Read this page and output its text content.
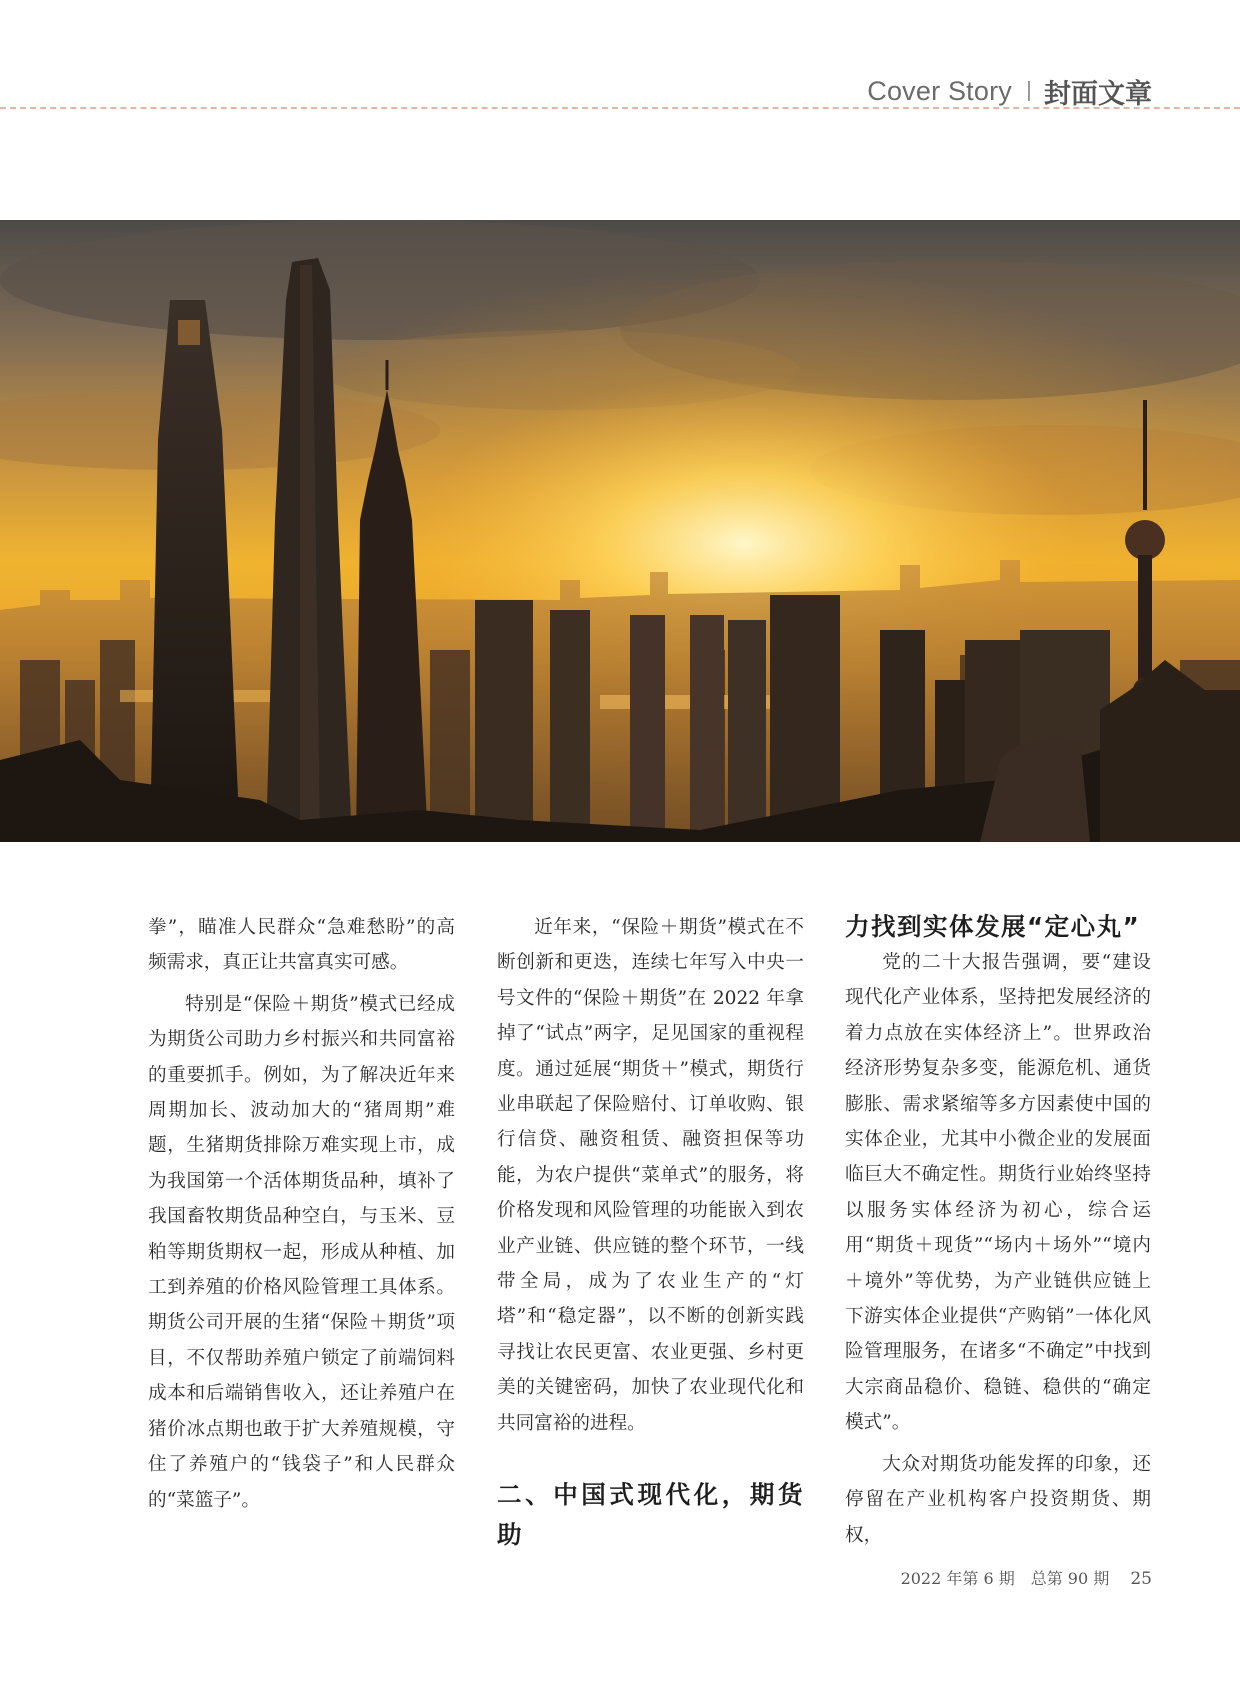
Cover Story 封面文章

拳”，瞄准人民群众“急难愁盼”的高频需求，真正让共富真实可感。

特别是“保险＋期货”模式已经成为期货公司助力乡村振兴和共同富裕的重要抓手。例如，为了解决近年来周期加长、波动加大的“猪周期”难题，生猪期货排除万难实现上市，成为我国第一个活体期货品种，填补了我国畜牧期货品种空白，与玉米、豆粕等期货期权一起，形成从种植、加工到养殖的价格风险管理工具体系。期货公司开展的生猪“保险＋期货”项目，不仅帮助养殖户锁定了前端饲料成本和后端销售收入，还让养殖户在猪价冰点期也敢于扩大养殖规模，守住了养殖户的“钱袋子”和人民群众的“菜篮子”。

近年来，“保险＋期货”模式在不断创新和更迭，连续七年写入中央一号文件的“保险＋期货”在 2022 年拿掉了“试点”两字，足见国家的重视程度。通过延展“期货＋”模式，期货行业串联起了保险赔付、订单收购、银行信贷、融资租赁、融资担保等功能，为农户提供“菜单式”的服务，将价格发现和风险管理的功能嵌入到农业产业链、供应链的整个环节，一线带全局，成为了农业生产的“灯塔”和“稳定器”，以不断的创新实践寻找让农民更富、农业更强、乡村更美的关键密码，加快了农业现代化和共同富裕的进程。

二、中国式现代化，期货助
力找到实体发展“定心丸”

党的二十大报告强调，要“建设现代化产业体系，坚持把发展经济的着力点放在实体经济上”。世界政治经济形势复杂多变，能源危机、通货膨胀、需求紧缩等多方因素使中国的实体企业，尤其中小微企业的发展面临巨大不确定性。期货行业始终坚持以服务实体经济为初心，综合运用“期货＋现货”“场内＋场外”“境内＋境外”等优势，为产业链供应链上下游实体企业提供“产购销”一体化风险管理服务，在诸多“不确定”中找到大宗商品稳价、稳链、稳供的“确定模式”。

大众对期货功能发挥的印象，还停留在产业机构客户投资期货、期权，

2022 年第 6 期　总第 90 期 25
